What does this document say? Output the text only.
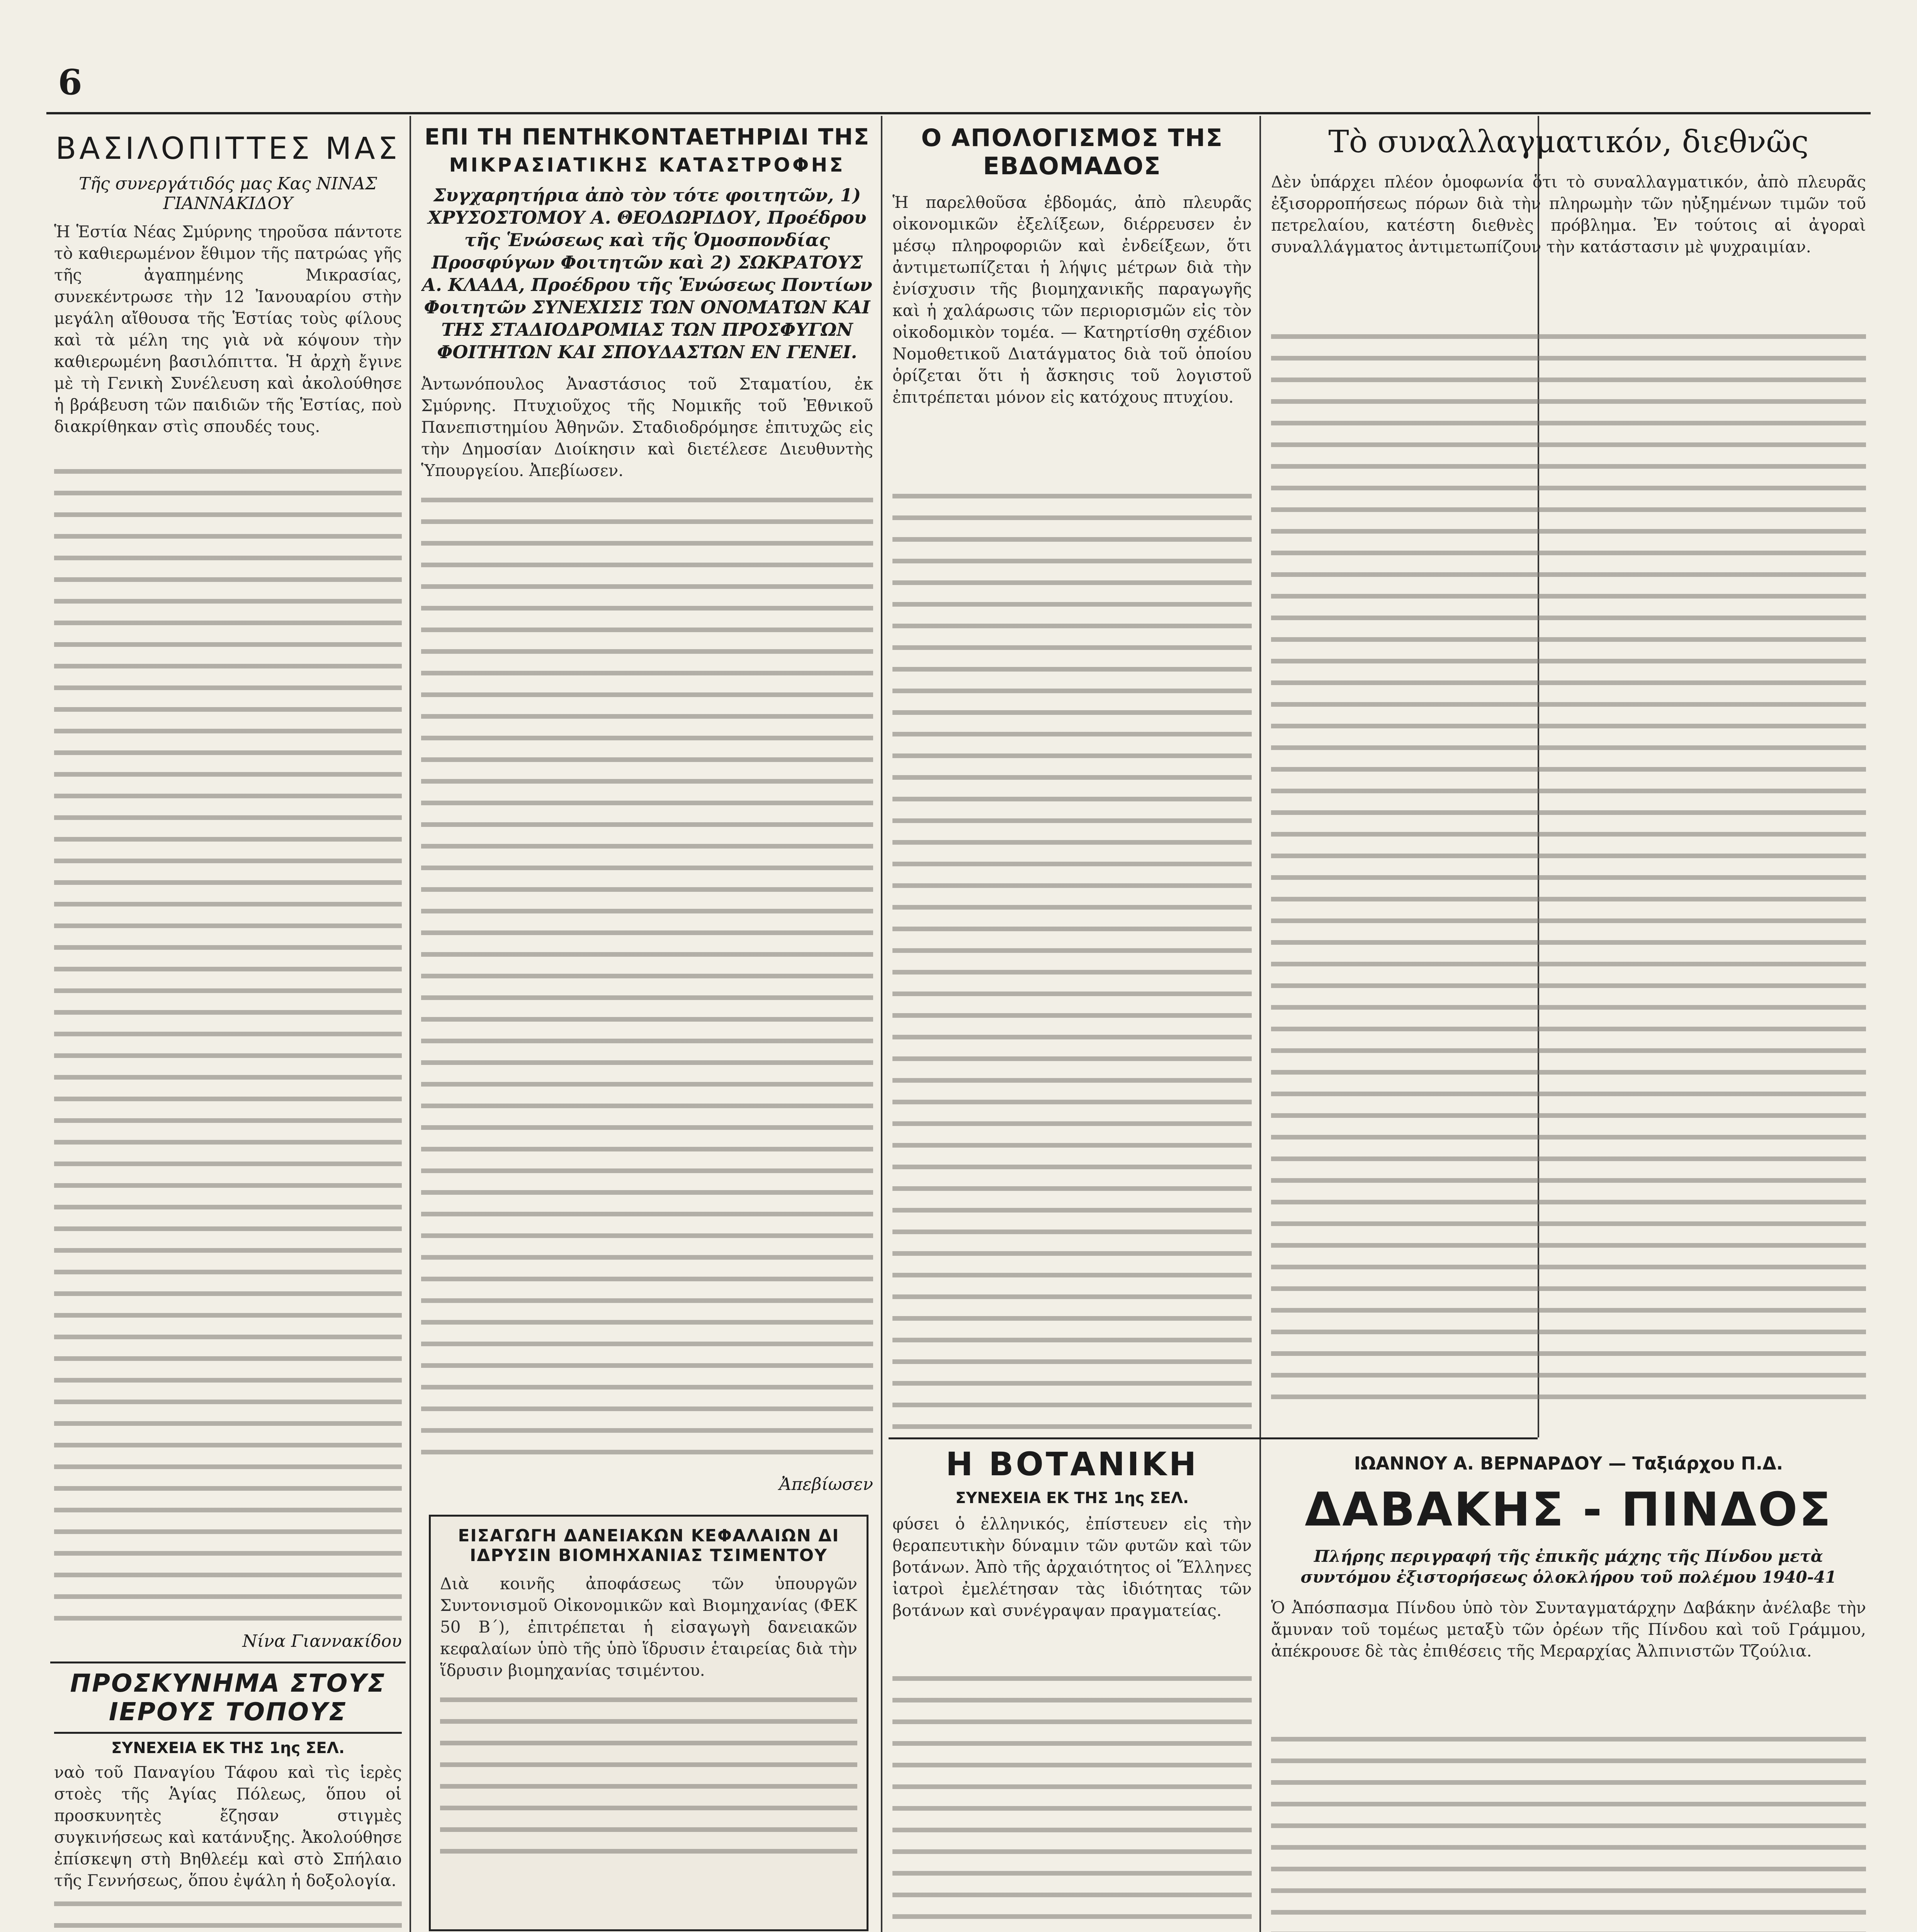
6
ΒΑΣΙΛΟΠΙΤΤΕΣ ΜΑΣ
Τῆς συνεργάτιδός μας Κας ΝΙΝΑΣ ΓΙΑΝΝΑΚΙΔΟΥ
Ἡ Ἑστία Νέας Σμύρνης τηροῦσα πάντοτε τὸ καθιερωμένον ἔθιμον τῆς πατρώας γῆς τῆς ἀγαπημένης Μικρασίας, συνεκέντρωσε τὴν 12 Ἰανουαρίου στὴν μεγάλη αἴθουσα τῆς Ἑστίας τοὺς φίλους καὶ τὰ μέλη της γιὰ νὰ κόψουν τὴν καθιερωμένη βασιλόπιττα. Ἡ ἀρχὴ ἔγινε μὲ τὴ Γενικὴ Συνέλευση καὶ ἀκολούθησε ἡ βράβευση τῶν παιδιῶν τῆς Ἑστίας, ποὺ διακρίθηκαν στὶς σπουδές τους.
Νίνα Γιαννακίδου
ΠΡΟΣΚΥΝΗΜΑ ΣΤΟΥΣ ΙΕΡΟΥΣ ΤΟΠΟΥΣ
ΣΥΝΕΧΕΙΑ ΕΚ ΤΗΣ 1ης ΣΕΛ.
ναὸ τοῦ Παναγίου Τάφου καὶ τὶς ἱερὲς στοὲς τῆς Ἁγίας Πόλεως, ὅπου οἱ προσκυνητὲς ἔζησαν στιγμὲς συγκινήσεως καὶ κατάνυξης. Ἀκολούθησε ἐπίσκεψη στὴ Βηθλεέμ καὶ στὸ Σπήλαιο τῆς Γεννήσεως, ὅπου ἐψάλη ἡ δοξολογία.
ΕΠΙ ΤΗ ΠΕΝΤΗΚΟΝΤΑΕΤΗΡΙΔΙ ΤΗΣ
ΜΙΚΡΑΣΙΑΤΙΚΗΣ ΚΑΤΑΣΤΡΟΦΗΣ
Συγχαρητήρια ἀπὸ τὸν τότε φοιτητῶν, 1) ΧΡΥΣΟΣΤΟΜΟΥ Α. ΘΕΟΔΩΡΙΔΟΥ, Προέδρου τῆς Ἑνώσεως καὶ τῆς Ὁμοσπονδίας Προσφύγων Φοιτητῶν καὶ 2) ΣΩΚΡΑΤΟΥΣ Α. ΚΛΑΔΑ, Προέδρου τῆς Ἑνώσεως Ποντίων Φοιτητῶν ΣΥΝΕΧΙΣΙΣ ΤΩΝ ΟΝΟΜΑΤΩΝ ΚΑΙ ΤΗΣ ΣΤΑΔΙΟΔΡΟΜΙΑΣ ΤΩΝ ΠΡΟΣΦΥΓΩΝ ΦΟΙΤΗΤΩΝ ΚΑΙ ΣΠΟΥΔΑΣΤΩΝ ΕΝ ΓΕΝΕΙ.
Ἀντωνόπουλος Ἀναστάσιος τοῦ Σταματίου, ἐκ Σμύρνης. Πτυχιοῦχος τῆς Νομικῆς τοῦ Ἐθνικοῦ Πανεπιστημίου Ἀθηνῶν. Σταδιοδρόμησε ἐπιτυχῶς εἰς τὴν Δημοσίαν Διοίκησιν καὶ διετέλεσε Διευθυντὴς Ὑπουργείου. Ἀπεβίωσεν.
Ἀπεβίωσεν
ΕΙΣΑΓΩΓΗ ΔΑΝΕΙΑΚΩΝ ΚΕΦΑΛΑΙΩΝ ΔΙ ΙΔΡΥΣΙΝ ΒΙΟΜΗΧΑΝΙΑΣ ΤΣΙΜΕΝΤΟΥ
Διὰ κοινῆς ἀποφάσεως τῶν ὑπουργῶν Συντονισμοῦ Οἰκονομικῶν καὶ Βιομηχανίας (ΦΕΚ 50 Β΄), ἐπιτρέπεται ἡ εἰσαγωγὴ δανειακῶν κεφαλαίων ὑπὸ τῆς ὑπὸ ἵδρυσιν ἑταιρείας διὰ τὴν ἵδρυσιν βιομηχανίας τσιμέντου.
Ο ΑΠΟΛΟΓΙΣΜΟΣ ΤΗΣ ΕΒΔΟΜΑΔΟΣ
Ἡ παρελθοῦσα ἑβδομάς, ἀπὸ πλευρᾶς οἰκονομικῶν ἐξελίξεων, διέρρευσεν ἐν μέσῳ πληροφοριῶν καὶ ἐνδείξεων, ὅτι ἀντιμετωπίζεται ἡ λήψις μέτρων διὰ τὴν ἐνίσχυσιν τῆς βιομηχανικῆς παραγωγῆς καὶ ἡ χαλάρωσις τῶν περιορισμῶν εἰς τὸν οἰκοδομικὸν τομέα. — Κατηρτίσθη σχέδιον Νομοθετικοῦ Διατάγματος διὰ τοῦ ὁποίου ὁρίζεται ὅτι ἡ ἄσκησις τοῦ λογιστοῦ ἐπιτρέπεται μόνον εἰς κατόχους πτυχίου.
Η ΒΟΤΑΝΙΚΗ
ΣΥΝΕΧΕΙΑ ΕΚ ΤΗΣ 1ης ΣΕΛ.
φύσει ὁ ἑλληνικός, ἐπίστευεν εἰς τὴν θεραπευτικὴν δύναμιν τῶν φυτῶν καὶ τῶν βοτάνων. Ἀπὸ τῆς ἀρχαιότητος οἱ Ἕλληνες ἰατροὶ ἐμελέτησαν τὰς ἰδιότητας τῶν βοτάνων καὶ συνέγραψαν πραγματείας.
Τὸ συναλλαγματικόν, διεθνῶς
Δὲν ὑπάρχει πλέον ὁμοφωνία ὅτι τὸ συναλλαγματικόν, ἀπὸ πλευρᾶς ἐξισορροπήσεως πόρων διὰ τὴν πληρωμὴν τῶν ηὐξημένων τιμῶν τοῦ πετρελαίου, κατέστη διεθνὲς πρόβλημα. Ἐν τούτοις αἱ ἀγοραὶ συναλλάγματος ἀντιμετωπίζουν τὴν κατάστασιν μὲ ψυχραιμίαν.
ΙΩΑΝΝΟΥ Α. ΒΕΡΝΑΡΔΟΥ — Ταξιάρχου Π.Δ.
ΔΑΒΑΚΗΣ - ΠΙΝΔΟΣ
Πλήρης περιγραφή τῆς ἐπικῆς μάχης τῆς Πίνδου μετὰ συντόμου ἐξιστορήσεως ὁλοκλήρου τοῦ πολέμου 1940-41
Ὁ Ἀπόσπασμα Πίνδου ὑπὸ τὸν Συνταγματάρχην Δαβάκην ἀνέλαβε τὴν ἄμυναν τοῦ τομέως μεταξὺ τῶν ὀρέων τῆς Πίνδου καὶ τοῦ Γράμμου, ἀπέκρουσε δὲ τὰς ἐπιθέσεις τῆς Μεραρχίας Ἀλπινιστῶν Τζούλια.
